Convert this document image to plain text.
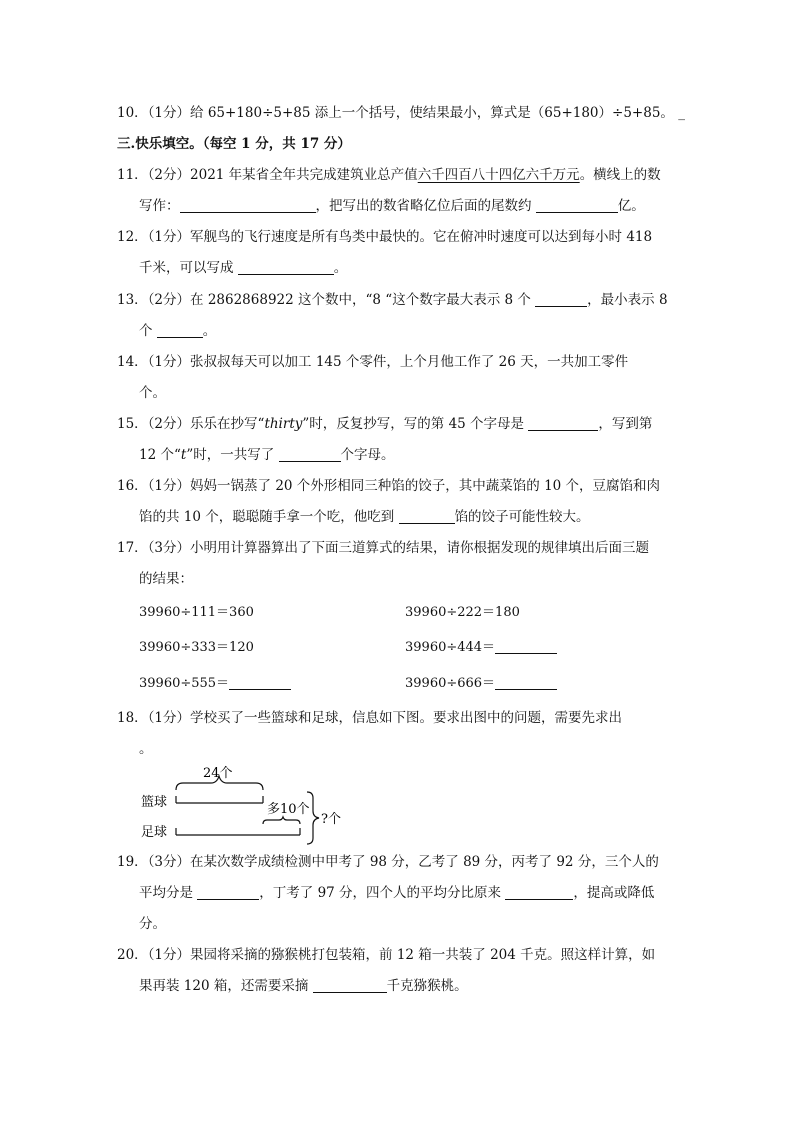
10．（1分）给 65+180÷5+85 添上一个括号，使结果最小，算式是（65+180）÷5+85。 _
三.快乐填空。（每空 1 分，共 17 分）
11．（2分）2021 年某省全年共完成建筑业总产值六千四百八十四亿六千万元。横线上的数
写作：	，把写出的数省略亿位后面的尾数约	亿。
12．（1分）军舰鸟的飞行速度是所有鸟类中最快的。它在俯冲时速度可以达到每小时 418
千米，可以写成	。
13．（2分）在 2862868922 这个数中，“8 “这个数字最大表示 8 个	，最小表示 8
个	。
14．（1分）张叔叔每天可以加工 145 个零件，上个月他工作了 26 天，一共加工零件
个。
15．（2分）乐乐在抄写“thirty”时，反复抄写，写的第 45 个字母是	，写到第
12 个“t”时，一共写了	个字母。
16．（1分）妈妈一锅蒸了 20 个外形相同三种馅的饺子，其中蔬菜馅的 10 个，豆腐馅和肉
馅的共 10 个，聪聪随手拿一个吃，他吃到	馅的饺子可能性较大。
17．（3分）小明用计算器算出了下面三道算式的结果，请你根据发现的规律填出后面三题
的结果：
39960÷111＝360	39960÷222＝180
39960÷333＝120	39960÷444＝
39960÷555＝	39960÷666＝
18．（1分）学校买了一些篮球和足球，信息如下图。要求出图中的问题，需要先求出
。
24个
篮球	多10个
足球
?个
19．（3分）在某次数学成绩检测中甲考了 98 分，乙考了 89 分，丙考了 92 分，三个人的
平均分是	，丁考了 97 分，四个人的平均分比原来	，提高或降低
分。
20．（1分）果园将采摘的猕猴桃打包装箱，前 12 箱一共装了 204 千克。照这样计算，如
果再装 120 箱，还需要采摘	千克猕猴桃。
